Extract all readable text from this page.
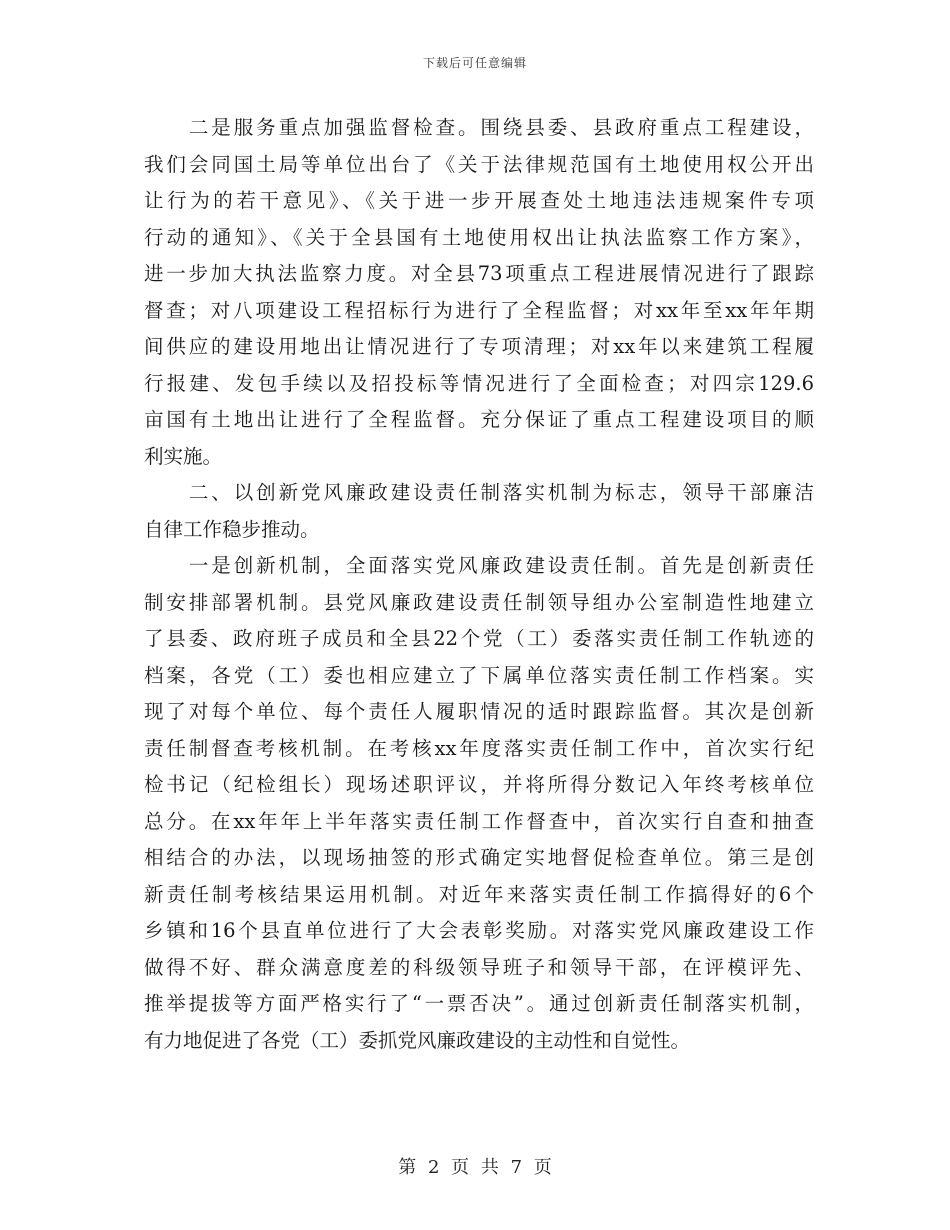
下载后可任意编辑
　　二是服务重点加强监督检查。围绕县委、县政府重点工程建设，
我们会同国土局等单位出台了《关于法律规范国有土地使用权公开出
让行为的若干意见》、《关于进一步开展查处土地违法违规案件专项
行动的通知》、《关于全县国有土地使用权出让执法监察工作方案》，
进一步加大执法监察力度。对全县73项重点工程进展情况进行了跟踪
督查；对八项建设工程招标行为进行了全程监督；对xx年至xx年年期
间供应的建设用地出让情况进行了专项清理；对xx年以来建筑工程履
行报建、发包手续以及招投标等情况进行了全面检查；对四宗129.6
亩国有土地出让进行了全程监督。充分保证了重点工程建设项目的顺
利实施。
　　二、以创新党风廉政建设责任制落实机制为标志，领导干部廉洁
自律工作稳步推动。
　　一是创新机制，全面落实党风廉政建设责任制。首先是创新责任
制安排部署机制。县党风廉政建设责任制领导组办公室制造性地建立
了县委、政府班子成员和全县22个党（工）委落实责任制工作轨迹的
档案，各党（工）委也相应建立了下属单位落实责任制工作档案。实
现了对每个单位、每个责任人履职情况的适时跟踪监督。其次是创新
责任制督查考核机制。在考核xx年度落实责任制工作中，首次实行纪
检书记（纪检组长）现场述职评议，并将所得分数记入年终考核单位
总分。在xx年年上半年落实责任制工作督查中，首次实行自查和抽查
相结合的办法，以现场抽签的形式确定实地督促检查单位。第三是创
新责任制考核结果运用机制。对近年来落实责任制工作搞得好的6个
乡镇和16个县直单位进行了大会表彰奖励。对落实党风廉政建设工作
做得不好、群众满意度差的科级领导班子和领导干部，在评模评先、
推举提拔等方面严格实行了“一票否决”。通过创新责任制落实机制，
有力地促进了各党（工）委抓党风廉政建设的主动性和自觉性。
第 2 页 共 7 页
